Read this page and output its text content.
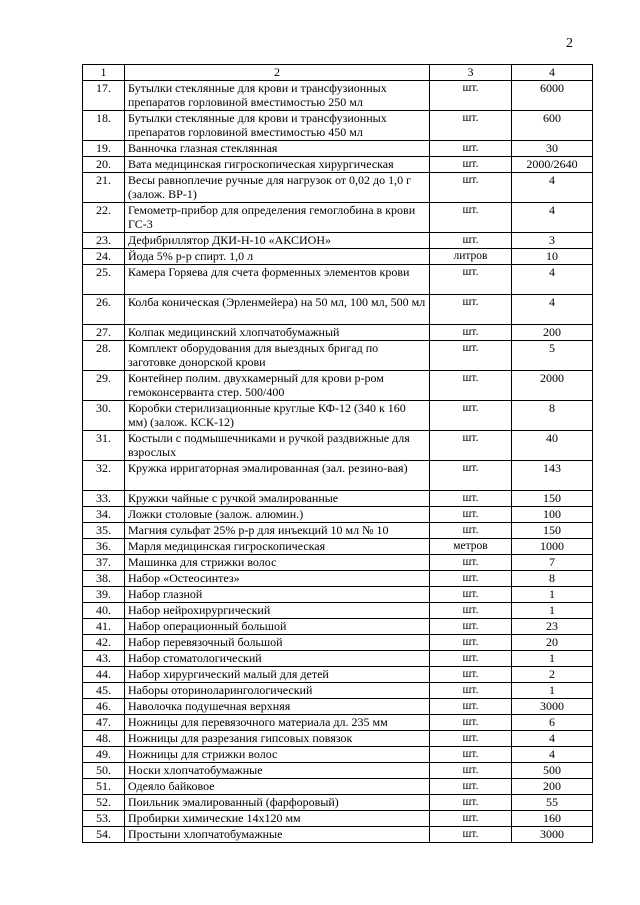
2
1	2	3	4
17.	Бутылки стеклянные для крови и трансфузионных препаратов горловиной вместимостью 250 мл	шт.	6000
18.	Бутылки стеклянные для крови и трансфузионных препаратов горловиной вместимостью 450 мл	шт.	600
19.	Ванночка глазная стеклянная	шт.	30
20.	Вата медицинская гигроскопическая хирургическая	шт.	2000/2640
21.	Весы равноплечие ручные для нагрузок от 0,02 до 1,0 г (залож. ВР-1)	шт.	4
22.	Гемометр-прибор для определения гемоглобина в крови ГС-3	шт.	4
23.	Дефибриллятор ДКИ-Н-10 «АКСИОН»	шт.	3
24.	Йода 5% р-р спирт. 1,0 л	литров	10
25.	Камера Горяева для счета форменных элементов крови	шт.	4
26.	Колба коническая (Эрленмейера) на 50 мл, 100 мл, 500 мл	шт.	4
27.	Колпак медицинский хлопчатобумажный	шт.	200
28.	Комплект оборудования для выездных бригад по заготовке донорской крови	шт.	5
29.	Контейнер полим. двухкамерный для крови р-ром гемоконсерванта стер. 500/400	шт.	2000
30.	Коробки стерилизационные круглые КФ-12 (340 к 160 мм) (залож. КСК-12)	шт.	8
31.	Костыли с подмышечниками и ручкой раздвижные для взрослых	шт.	40
32.	Кружка ирригаторная эмалированная (зал. резино-вая)	шт.	143
33.	Кружки чайные с ручкой эмалированные	шт.	150
34.	Ложки столовые (залож. алюмин.)	шт.	100
35.	Магния сульфат 25% р-р для инъекций 10 мл № 10	шт.	150
36.	Марля медицинская гигроскопическая	метров	1000
37.	Машинка для стрижки волос	шт.	7
38.	Набор «Остеосинтез»	шт.	8
39.	Набор глазной	шт.	1
40.	Набор нейрохирургический	шт.	1
41.	Набор операционный большой	шт.	23
42.	Набор перевязочный большой	шт.	20
43.	Набор стоматологический	шт.	1
44.	Набор хирургический малый для детей	шт.	2
45.	Наборы оториноларингологический	шт.	1
46.	Наволочка подушечная верхняя	шт.	3000
47.	Ножницы для перевязочного материала дл. 235 мм	шт.	6
48.	Ножницы для разрезания гипсовых повязок	шт.	4
49.	Ножницы для стрижки волос	шт.	4
50.	Носки хлопчатобумажные	шт.	500
51.	Одеяло байковое	шт.	200
52.	Поильник эмалированный (фарфоровый)	шт.	55
53.	Пробирки химические 14x120 мм	шт.	160
54.	Простыни хлопчатобумажные	шт.	3000
